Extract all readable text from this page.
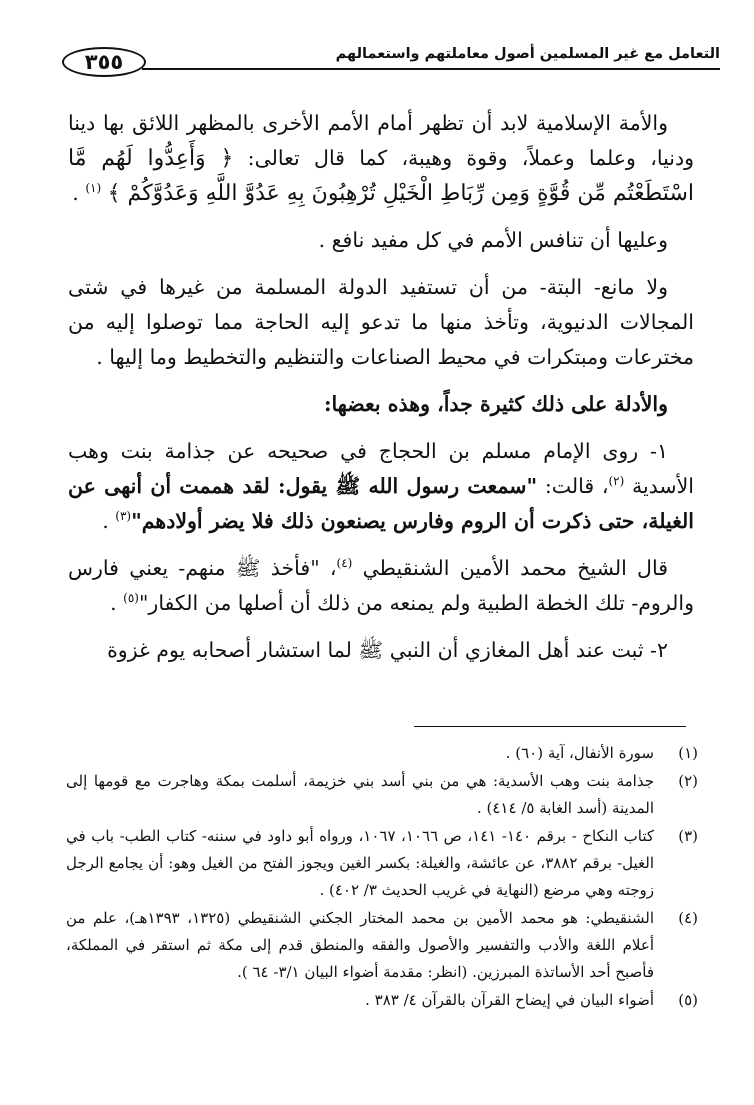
التعامل مع غير المسلمين أصول معاملتهم واستعمالهم
٣٥٥

والأمة الإسلامية لابد أن تظهر أمام الأمم الأخرى بالمظهر اللائق بها دينا ودنيا، وعلما وعملاً، وقوة وهيبة، كما قال تعالى: ﴿ وَأَعِدُّوا لَهُم مَّا اسْتَطَعْتُم مِّن قُوَّةٍ وَمِن رِّبَاطِ الْخَيْلِ تُرْهِبُونَ بِهِ عَدُوَّ اللَّهِ وَعَدُوَّكُمْ ﴾ $^{(١)}$ .

وعليها أن تنافس الأمم في كل مفيد نافع .

ولا مانع- البتة- من أن تستفيد الدولة المسلمة من غيرها في شتى المجالات الدنيوية، وتأخذ منها ما تدعو إليه الحاجة مما توصلوا إليه من مخترعات ومبتكرات في محيط الصناعات والتنظيم والتخطيط وما إليها .

والأدلة على ذلك كثيرة جداً، وهذه بعضها:

١- روى الإمام مسلم بن الحجاج في صحيحه عن جذامة بنت وهب الأسدية $^{(٢)}$، قالت: "سمعت رسول الله ﷺ يقول: لقد هممت أن أنهى عن الغيلة، حتى ذكرت أن الروم وفارس يصنعون ذلك فلا يضر أولادهم"$^{(٣)}$ .

قال الشيخ محمد الأمين الشنقيطي $^{(٤)}$، "فأخذ ﷺ منهم- يعني فارس والروم- تلك الخطة الطبية ولم يمنعه من ذلك أن أصلها من الكفار"$^{(٥)}$ .

٢- ثبت عند أهل المغازي أن النبي ﷺ لما استشار أصحابه يوم غزوة

(١)
سورة الأنفال، آية (٦٠) .
(٢)
جذامة بنت وهب الأسدية: هي من بني أسد بني خزيمة، أسلمت بمكة وهاجرت مع قومها إلى المدينة (أسد الغابة ٥/ ٤١٤) .
(٣)
كتاب النكاح - برقم ١٤٠- ١٤١، ص ١٠٦٦، ١٠٦٧، ورواه أبو داود في سننه- كتاب الطب- باب في الغيل- برقم ٣٨٨٢، عن عائشة، والغيلة: بكسر الغين ويجوز الفتح من الغيل وهو: أن يجامع الرجل زوجته وهي مرضع (النهاية في غريب الحديث ٣/ ٤٠٢) .
(٤)
الشنقيطي: هو محمد الأمين بن محمد المختار الجكني الشنقيطي (١٣٢٥، ١٣٩٣هـ)، علم من أعلام اللغة والأدب والتفسير والأصول والفقه والمنطق قدم إلى مكة ثم استقر في المملكة، فأصبح أحد الأساتذة المبرزين. (انظر: مقدمة أضواء البيان ٣/١- ٦٤ ).
(٥)
أضواء البيان في إيضاح القرآن بالقرآن ٤/ ٣٨٣ .
